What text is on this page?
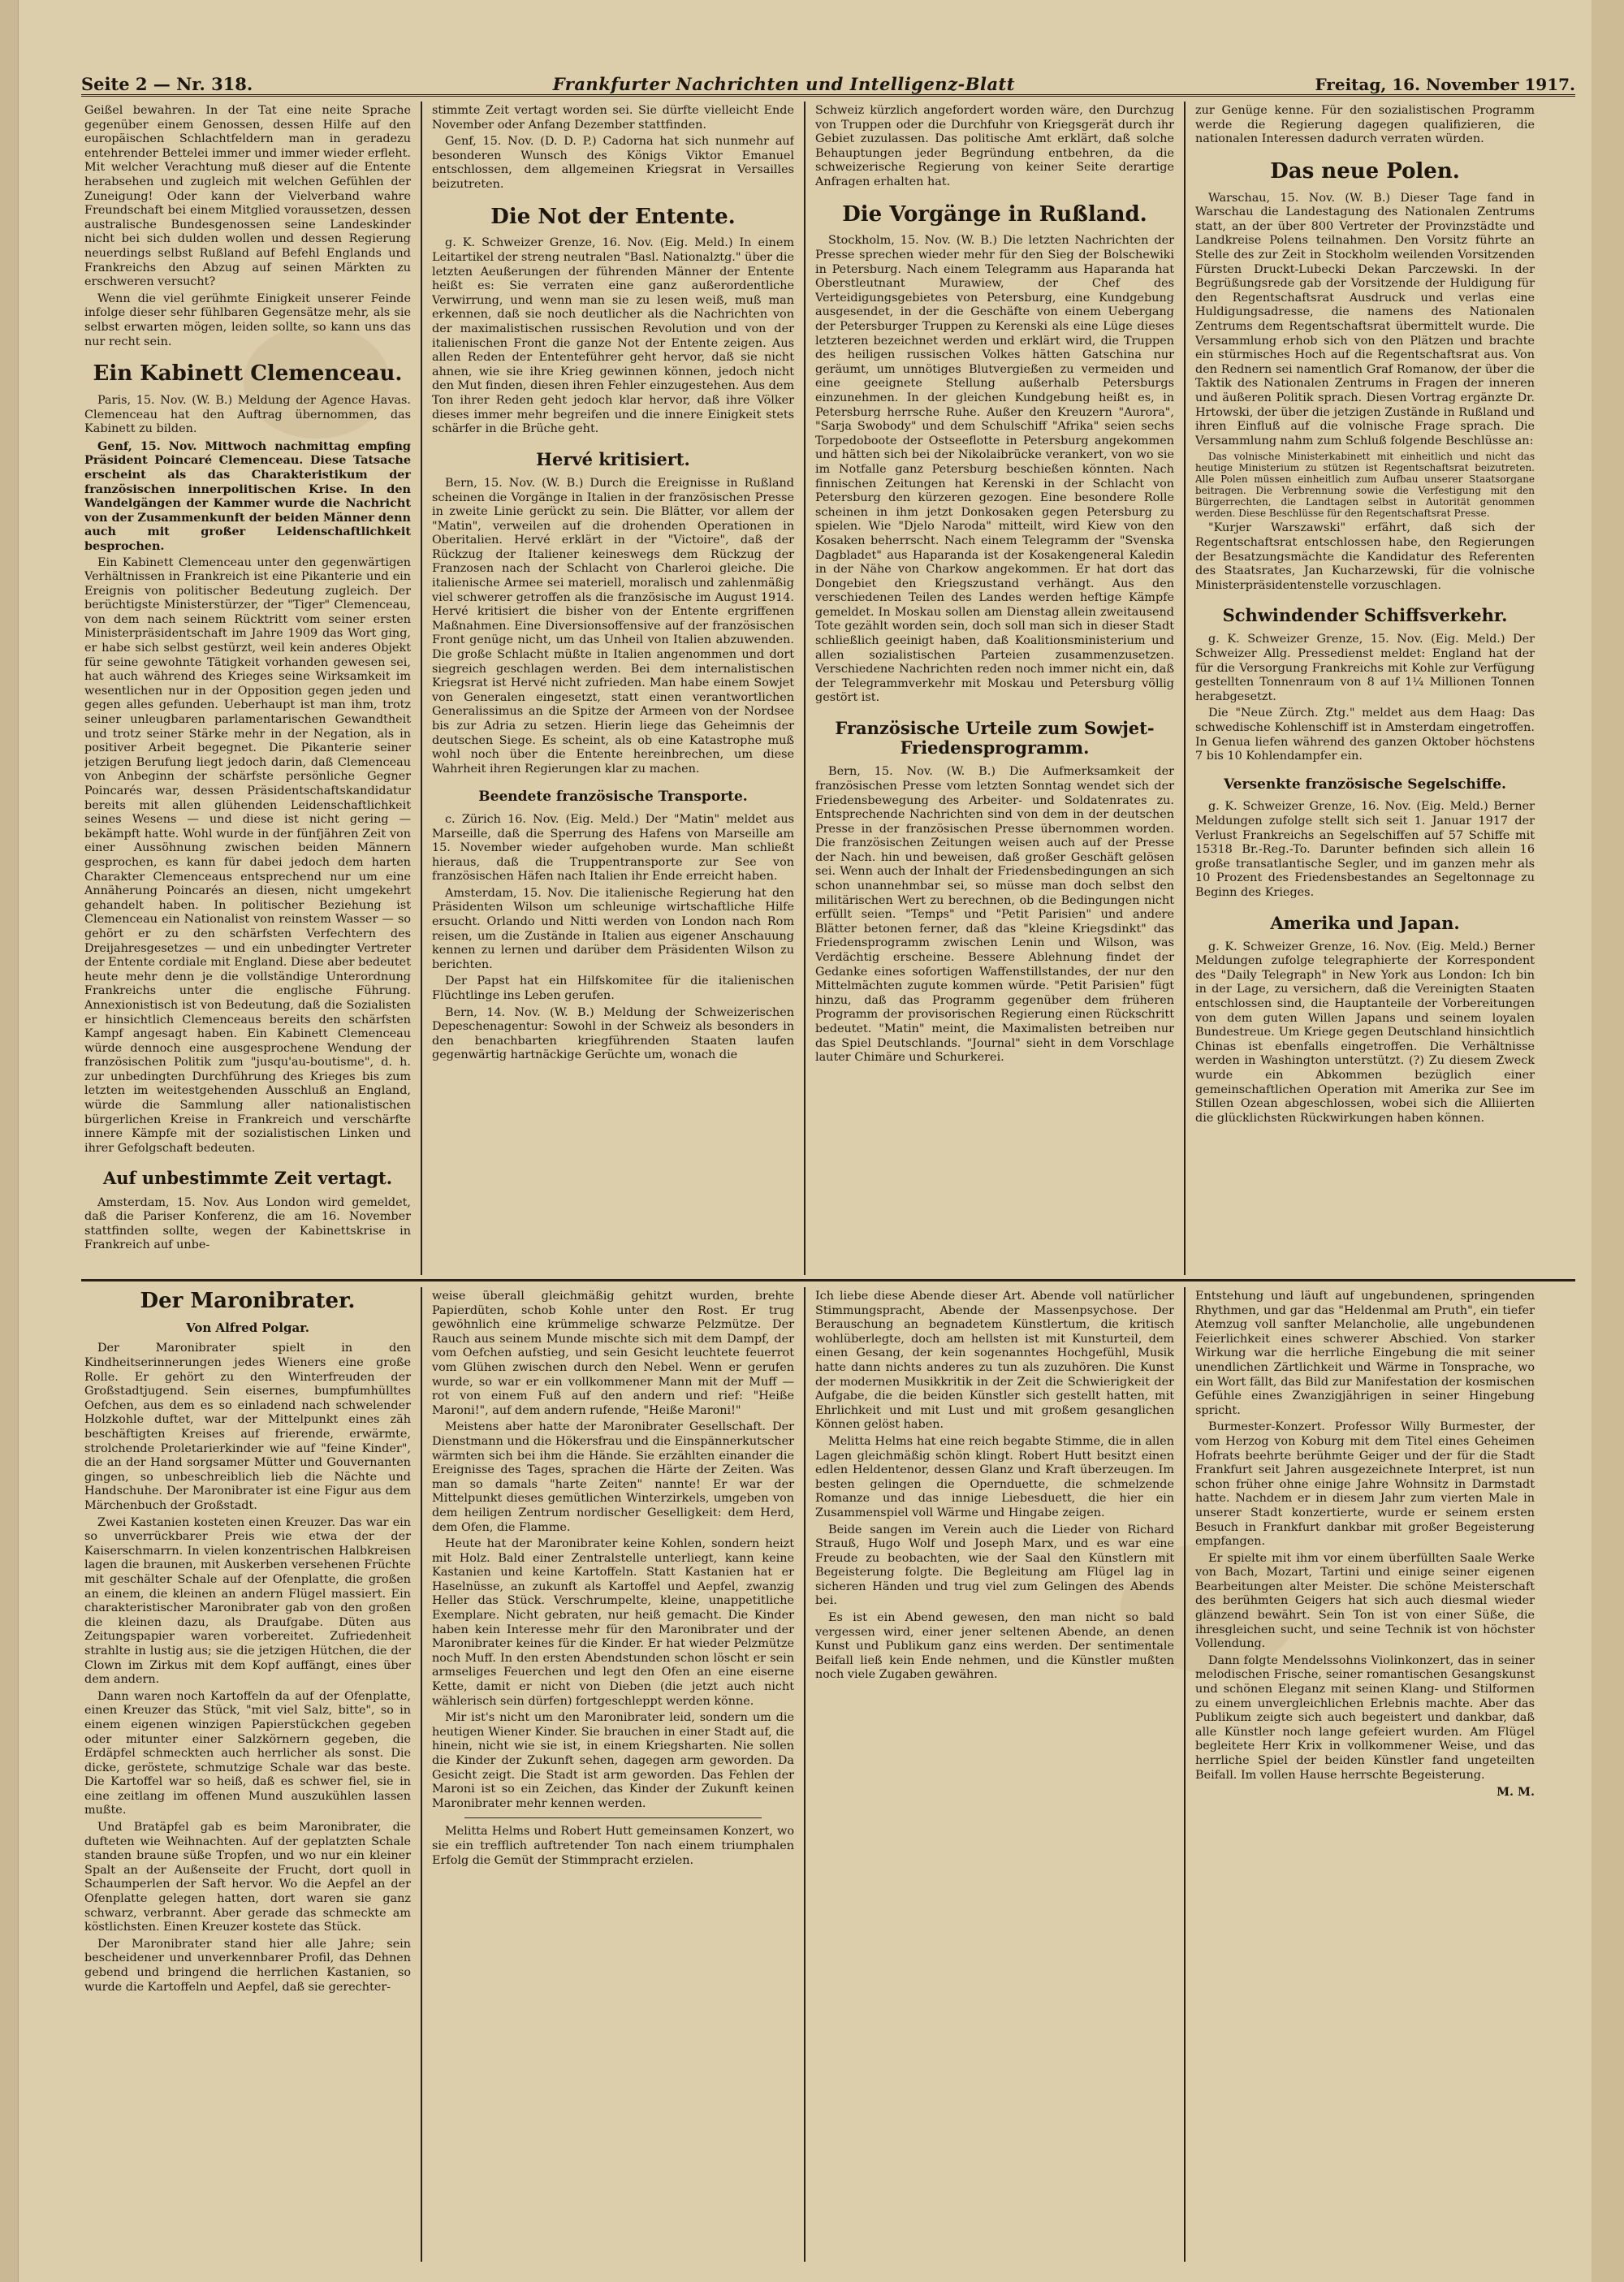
Seite 2 — Nr. 318.	Frankfurter Nachrichten und Intelligenz-Blatt	Freitag, 16. November 1917.

Geißel bewahren. In der Tat eine neite Sprache gegenüber einem Genossen, dessen Hilfe auf den europäischen Schlachtfeldern man in geradezu entehrender Bettelei immer und immer wieder erfleht. Mit welcher Verachtung muß dieser auf die Entente herabsehen und zugleich mit welchen Gefühlen der Zuneigung! Oder kann der Vielverband wahre Freundschaft bei einem Mitglied voraussetzen, dessen australische Bundesgenossen seine Landeskinder nicht bei sich dulden wollen und dessen Regierung neuerdings selbst Rußland auf Befehl Englands und Frankreichs den Abzug auf seinen Märkten zu erschweren versucht?

Wenn die viel gerühmte Einigkeit unserer Feinde infolge dieser sehr fühlbaren Gegensätze mehr, als sie selbst erwarten mögen, leiden sollte, so kann uns das nur recht sein.

Ein Kabinett Clemenceau.

Paris, 15. Nov. (W. B.) Meldung der Agence Havas. Clemenceau hat den Auftrag übernommen, das Kabinett zu bilden.

Genf, 15. Nov. Mittwoch nachmittag empfing Präsident Poincaré Clemenceau. Diese Tatsache erscheint als das Charakteristikum der französischen innerpolitischen Krise. In den Wandelgängen der Kammer wurde die Nachricht von der Zusammenkunft der beiden Männer denn auch mit großer Leidenschaftlichkeit besprochen.

Ein Kabinett Clemenceau unter den gegenwärtigen Verhältnissen in Frankreich ist eine Pikanterie und ein Ereignis von politischer Bedeutung zugleich. Der berüchtigste Ministerstürzer, der "Tiger" Clemenceau, von dem nach seinem Rücktritt vom seiner ersten Ministerpräsidentschaft im Jahre 1909 das Wort ging, er habe sich selbst gestürzt, weil kein anderes Objekt für seine gewohnte Tätigkeit vorhanden gewesen sei, hat auch während des Krieges seine Wirksamkeit im wesentlichen nur in der Opposition gegen jeden und gegen alles gefunden. Ueberhaupt ist man ihm, trotz seiner unleugbaren parlamentarischen Gewandtheit und trotz seiner Stärke mehr in der Negation, als in positiver Arbeit begegnet. Die Pikanterie seiner jetzigen Berufung liegt jedoch darin, daß Clemenceau von Anbeginn der schärfste persönliche Gegner Poincarés war, dessen Präsidentschaftskandidatur bereits mit allen glühenden Leidenschaftlichkeit seines Wesens — und diese ist nicht gering — bekämpft hatte. Wohl wurde in der fünfjähren Zeit von einer Aussöhnung zwischen beiden Männern gesprochen, es kann für dabei jedoch dem harten Charakter Clemenceaus entsprechend nur um eine Annäherung Poincarés an diesen, nicht umgekehrt gehandelt haben. In politischer Beziehung ist Clemenceau ein Nationalist von reinstem Wasser — so gehört er zu den schärfsten Verfechtern des Dreijahresgesetzes — und ein unbedingter Vertreter der Entente cordiale mit England. Diese aber bedeutet heute mehr denn je die vollständige Unterordnung Frankreichs unter die englische Führung. Annexionistisch ist von Bedeutung, daß die Sozialisten er hinsichtlich Clemenceaus bereits den schärfsten Kampf angesagt haben. Ein Kabinett Clemenceau würde dennoch eine ausgesprochene Wendung der französischen Politik zum "jusqu'au-boutisme", d. h. zur unbedingten Durchführung des Krieges bis zum letzten im weitestgehenden Ausschluß an England, würde die Sammlung aller nationalistischen bürgerlichen Kreise in Frankreich und verschärfte innere Kämpfe mit der sozialistischen Linken und ihrer Gefolgschaft bedeuten.

Auf unbestimmte Zeit vertagt.

Amsterdam, 15. Nov. Aus London wird gemeldet, daß die Pariser Konferenz, die am 16. November stattfinden sollte, wegen der Kabinettskrise in Frankreich auf unbe-

stimmte Zeit vertagt worden sei. Sie dürfte vielleicht Ende November oder Anfang Dezember stattfinden.

Genf, 15. Nov. (D. D. P.) Cadorna hat sich nunmehr auf besonderen Wunsch des Königs Viktor Emanuel entschlossen, dem allgemeinen Kriegsrat in Versailles beizutreten.

Die Not der Entente.

g. K. Schweizer Grenze, 16. Nov. (Eig. Meld.) In einem Leitartikel der streng neutralen "Basl. Nationalztg." über die letzten Aeußerungen der führenden Männer der Entente heißt es: Sie verraten eine ganz außerordentliche Verwirrung, und wenn man sie zu lesen weiß, muß man erkennen, daß sie noch deutlicher als die Nachrichten von der maximalistischen russischen Revolution und von der italienischen Front die ganze Not der Entente zeigen. Aus allen Reden der Ententeführer geht hervor, daß sie nicht ahnen, wie sie ihre Krieg gewinnen können, jedoch nicht den Mut finden, diesen ihren Fehler einzugestehen. Aus dem Ton ihrer Reden geht jedoch klar hervor, daß ihre Völker dieses immer mehr begreifen und die innere Einigkeit stets schärfer in die Brüche geht.

Hervé kritisiert.

Bern, 15. Nov. (W. B.) Durch die Ereignisse in Rußland scheinen die Vorgänge in Italien in der französischen Presse in zweite Linie gerückt zu sein. Die Blätter, vor allem der "Matin", verweilen auf die drohenden Operationen in Oberitalien. Hervé erklärt in der "Victoire", daß der Rückzug der Italiener keineswegs dem Rückzug der Franzosen nach der Schlacht von Charleroi gleiche. Die italienische Armee sei materiell, moralisch und zahlenmäßig viel schwerer getroffen als die französische im August 1914. Hervé kritisiert die bisher von der Entente ergriffenen Maßnahmen. Eine Diversionsoffensive auf der französischen Front genüge nicht, um das Unheil von Italien abzuwenden. Die große Schlacht müßte in Italien angenommen und dort siegreich geschlagen werden. Bei dem internalistischen Kriegsrat ist Hervé nicht zufrieden. Man habe einem Sowjet von Generalen eingesetzt, statt einen verantwortlichen Generalissimus an die Spitze der Armeen von der Nordsee bis zur Adria zu setzen. Hierin liege das Geheimnis der deutschen Siege. Es scheint, als ob eine Katastrophe muß wohl noch über die Entente hereinbrechen, um diese Wahrheit ihren Regierungen klar zu machen.

Beendete französische Transporte.

c. Zürich 16. Nov. (Eig. Meld.) Der "Matin" meldet aus Marseille, daß die Sperrung des Hafens von Marseille am 15. November wieder aufgehoben wurde. Man schließt hieraus, daß die Truppentransporte zur See von französischen Häfen nach Italien ihr Ende erreicht haben.

Amsterdam, 15. Nov. Die italienische Regierung hat den Präsidenten Wilson um schleunige wirtschaftliche Hilfe ersucht. Orlando und Nitti werden von London nach Rom reisen, um die Zustände in Italien aus eigener Anschauung kennen zu lernen und darüber dem Präsidenten Wilson zu berichten.

Der Papst hat ein Hilfskomitee für die italienischen Flüchtlinge ins Leben gerufen.

Bern, 14. Nov. (W. B.) Meldung der Schweizerischen Depeschenagentur: Sowohl in der Schweiz als besonders in den benachbarten kriegführenden Staaten laufen gegenwärtig hartnäckige Gerüchte um, wonach die

Schweiz kürzlich angefordert worden wäre, den Durchzug von Truppen oder die Durchfuhr von Kriegsgerät durch ihr Gebiet zuzulassen. Das politische Amt erklärt, daß solche Behauptungen jeder Begründung entbehren, da die schweizerische Regierung von keiner Seite derartige Anfragen erhalten hat.

Die Vorgänge in Rußland.

Stockholm, 15. Nov. (W. B.) Die letzten Nachrichten der Presse sprechen wieder mehr für den Sieg der Bolschewiki in Petersburg. Nach einem Telegramm aus Haparanda hat Oberstleutnant Murawiew, der Chef des Verteidigungsgebietes von Petersburg, eine Kundgebung ausgesendet, in der die Geschäfte von einem Uebergang der Petersburger Truppen zu Kerenski als eine Lüge dieses letzteren bezeichnet werden und erklärt wird, die Truppen des heiligen russischen Volkes hätten Gatschina nur geräumt, um unnötiges Blutvergießen zu vermeiden und eine geeignete Stellung außerhalb Petersburgs einzunehmen. In der gleichen Kundgebung heißt es, in Petersburg herrsche Ruhe. Außer den Kreuzern "Aurora", "Sarja Swobody" und dem Schulschiff "Afrika" seien sechs Torpedoboote der Ostseeflotte in Petersburg angekommen und hätten sich bei der Nikolaibrücke verankert, von wo sie im Notfalle ganz Petersburg beschießen könnten. Nach finnischen Zeitungen hat Kerenski in der Schlacht von Petersburg den kürzeren gezogen. Eine besondere Rolle scheinen in ihm jetzt Donkosaken gegen Petersburg zu spielen. Wie "Djelo Naroda" mitteilt, wird Kiew von den Kosaken beherrscht. Nach einem Telegramm der "Svenska Dagbladet" aus Haparanda ist der Kosakengeneral Kaledin in der Nähe von Charkow angekommen. Er hat dort das Dongebiet den Kriegszustand verhängt. Aus den verschiedenen Teilen des Landes werden heftige Kämpfe gemeldet. In Moskau sollen am Dienstag allein zweitausend Tote gezählt worden sein, doch soll man sich in dieser Stadt schließlich geeinigt haben, daß Koalitionsministerium und allen sozialistischen Parteien zusammenzusetzen. Verschiedene Nachrichten reden noch immer nicht ein, daß der Telegrammverkehr mit Moskau und Petersburg völlig gestört ist.

Französische Urteile zum Sowjet-Friedensprogramm.

Bern, 15. Nov. (W. B.) Die Aufmerksamkeit der französischen Presse vom letzten Sonntag wendet sich der Friedensbewegung des Arbeiter- und Soldatenrates zu. Entsprechende Nachrichten sind von dem in der deutschen Presse in der französischen Presse übernommen worden. Die französischen Zeitungen weisen auch auf der Presse der Nach. hin und beweisen, daß großer Geschäft gelösen sei. Wenn auch der Inhalt der Friedensbedingungen an sich schon unannehmbar sei, so müsse man doch selbst den militärischen Wert zu berechnen, ob die Bedingungen nicht erfüllt seien. "Temps" und "Petit Parisien" und andere Blätter betonen ferner, daß das "kleine Kriegsdinkt" das Friedensprogramm zwischen Lenin und Wilson, was Verdächtig erscheine. Bessere Ablehnung findet der Gedanke eines sofortigen Waffenstillstandes, der nur den Mittelmächten zugute kommen würde. "Petit Parisien" fügt hinzu, daß das Programm gegenüber dem früheren Programm der provisorischen Regierung einen Rückschritt bedeutet. "Matin" meint, die Maximalisten betreiben nur das Spiel Deutschlands. "Journal" sieht in dem Vorschlage lauter Chimäre und Schurkerei.

zur Genüge kenne. Für den sozialistischen Programm werde die Regierung dagegen qualifizieren, die nationalen Interessen dadurch verraten würden.

Das neue Polen.

Warschau, 15. Nov. (W. B.) Dieser Tage fand in Warschau die Landestagung des Nationalen Zentrums statt, an der über 800 Vertreter der Provinzstädte und Landkreise Polens teilnahmen. Den Vorsitz führte an Stelle des zur Zeit in Stockholm weilenden Vorsitzenden Fürsten Druckt-Lubecki Dekan Parczewski. In der Begrüßungsrede gab der Vorsitzende der Huldigung für den Regentschaftsrat Ausdruck und verlas eine Huldigungsadresse, die namens des Nationalen Zentrums dem Regentschaftsrat übermittelt wurde. Die Versammlung erhob sich von den Plätzen und brachte ein stürmisches Hoch auf die Regentschaftsrat aus. Von den Rednern sei namentlich Graf Romanow, der über die Taktik des Nationalen Zentrums in Fragen der inneren und äußeren Politik sprach. Diesen Vortrag ergänzte Dr. Hrtowski, der über die jetzigen Zustände in Rußland und ihren Einfluß auf die volnische Frage sprach. Die Versammlung nahm zum Schluß folgende Beschlüsse an:

Das volnische Ministerkabinett mit einheitlich und nicht das heutige Ministerium zu stützen ist Regentschaftsrat beizutreten. Alle Polen müssen einheitlich zum Aufbau unserer Staatsorgane beitragen. Die Verbrennung sowie die Verfestigung mit den Bürgerrechten, die Landtagen selbst in Autorität genommen werden. Diese Beschlüsse für den Regentschaftsrat Presse.

"Kurjer Warszawski" erfährt, daß sich der Regentschaftsrat entschlossen habe, den Regierungen der Besatzungsmächte die Kandidatur des Referenten des Staatsrates, Jan Kucharzewski, für die volnische Ministerpräsidentenstelle vorzuschlagen.

Schwindender Schiffsverkehr.

g. K. Schweizer Grenze, 15. Nov. (Eig. Meld.) Der Schweizer Allg. Pressedienst meldet: England hat der für die Versorgung Frankreichs mit Kohle zur Verfügung gestellten Tonnenraum von 8 auf 1¼ Millionen Tonnen herabgesetzt.

Die "Neue Zürch. Ztg." meldet aus dem Haag: Das schwedische Kohlenschiff ist in Amsterdam eingetroffen. In Genua liefen während des ganzen Oktober höchstens 7 bis 10 Kohlendampfer ein.

Versenkte französische Segelschiffe.

g. K. Schweizer Grenze, 16. Nov. (Eig. Meld.) Berner Meldungen zufolge stellt sich seit 1. Januar 1917 der Verlust Frankreichs an Segelschiffen auf 57 Schiffe mit 15318 Br.-Reg.-To. Darunter befinden sich allein 16 große transatlantische Segler, und im ganzen mehr als 10 Prozent des Friedensbestandes an Segeltonnage zu Beginn des Krieges.

Amerika und Japan.

g. K. Schweizer Grenze, 16. Nov. (Eig. Meld.) Berner Meldungen zufolge telegraphierte der Korrespondent des "Daily Telegraph" in New York aus London: Ich bin in der Lage, zu versichern, daß die Vereinigten Staaten entschlossen sind, die Hauptanteile der Vorbereitungen von dem guten Willen Japans und seinem loyalen Bundestreue. Um Kriege gegen Deutschland hinsichtlich Chinas ist ebenfalls eingetroffen. Die Verhältnisse werden in Washington unterstützt. (?) Zu diesem Zweck wurde ein Abkommen bezüglich einer gemeinschaftlichen Operation mit Amerika zur See im Stillen Ozean abgeschlossen, wobei sich die Alliierten die glücklichsten Rückwirkungen haben können.

Der Maronibrater.
Von Alfred Polgar.

Der Maronibrater spielt in den Kindheitserinnerungen jedes Wieners eine große Rolle. Er gehört zu den Winterfreuden der Großstadtjugend. Sein eisernes, bumpfumhülltes Oefchen, aus dem es so einladend nach schwelender Holzkohle duftet, war der Mittelpunkt eines zäh beschäftigten Kreises auf frierende, erwärmte, strolchende Proletarierkinder wie auf "feine Kinder", die an der Hand sorgsamer Mütter und Gouvernanten gingen, so unbeschreiblich lieb die Nächte und Handschuhe. Der Maronibrater ist eine Figur aus dem Märchenbuch der Großstadt.

Zwei Kastanien kosteten einen Kreuzer. Das war ein so unverrückbarer Preis wie etwa der der Kaiserschmarrn. In vielen konzentrischen Halbkreisen lagen die braunen, mit Auskerben versehenen Früchte mit geschälter Schale auf der Ofenplatte, die großen an einem, die kleinen an andern Flügel massiert. Ein charakteristischer Maronibrater gab von den großen die kleinen dazu, als Draufgabe. Düten aus Zeitungspapier waren vorbereitet. Zufriedenheit strahlte in lustig aus; sie die jetzigen Hütchen, die der Clown im Zirkus mit dem Kopf auffängt, eines über dem andern.

Dann waren noch Kartoffeln da auf der Ofenplatte, einen Kreuzer das Stück, "mit viel Salz, bitte", so in einem eigenen winzigen Papierstückchen gegeben oder mitunter einer Salzkörnern gegeben, die Erdäpfel schmeckten auch herrlicher als sonst. Die dicke, geröstete, schmutzige Schale war das beste. Die Kartoffel war so heiß, daß es schwer fiel, sie in eine zeitlang im offenen Mund auszukühlen lassen mußte.

Und Bratäpfel gab es beim Maronibrater, die dufteten wie Weihnachten. Auf der geplatzten Schale standen braune süße Tropfen, und wo nur ein kleiner Spalt an der Außenseite der Frucht, dort quoll in Schaumperlen der Saft hervor. Wo die Aepfel an der Ofenplatte gelegen hatten, dort waren sie ganz schwarz, verbrannt. Aber gerade das schmeckte am köstlichsten. Einen Kreuzer kostete das Stück.

Der Maronibrater stand hier alle Jahre; sein bescheidener und unverkennbarer Profil, das Dehnen gebend und bringend die herrlichen Kastanien, so wurde die Kartoffeln und Aepfel, daß sie gerechter-

weise überall gleichmäßig gehitzt wurden, brehte Papierdüten, schob Kohle unter den Rost. Er trug gewöhnlich eine krümmelige schwarze Pelzmütze. Der Rauch aus seinem Munde mischte sich mit dem Dampf, der vom Oefchen aufstieg, und sein Gesicht leuchtete feuerrot vom Glühen zwischen durch den Nebel. Wenn er gerufen wurde, so war er ein vollkommener Mann mit der Muff — rot von einem Fuß auf den andern und rief: "Heiße Maroni!", auf dem andern rufende, "Heiße Maroni!"

Meistens aber hatte der Maronibrater Gesellschaft. Der Dienstmann und die Hökersfrau und die Einspännerkutscher wärmten sich bei ihm die Hände. Sie erzählten einander die Ereignisse des Tages, sprachen die Härte der Zeiten. Was man so damals "harte Zeiten" nannte! Er war der Mittelpunkt dieses gemütlichen Winterzirkels, umgeben von dem heiligen Zentrum nordischer Geselligkeit: dem Herd, dem Ofen, die Flamme.

Heute hat der Maronibrater keine Kohlen, sondern heizt mit Holz. Bald einer Zentralstelle unterliegt, kann keine Kastanien und keine Kartoffeln. Statt Kastanien hat er Haselnüsse, an zukunft als Kartoffel und Aepfel, zwanzig Heller das Stück. Verschrumpelte, kleine, unappetitliche Exemplare. Nicht gebraten, nur heiß gemacht. Die Kinder haben kein Interesse mehr für den Maronibrater und der Maronibrater keines für die Kinder. Er hat wieder Pelzmütze noch Muff. In den ersten Abendstunden schon löscht er sein armseliges Feuerchen und legt den Ofen an eine eiserne Kette, damit er nicht von Dieben (die jetzt auch nicht wählerisch sein dürfen) fortgeschleppt werden könne.

Mir ist's nicht um den Maronibrater leid, sondern um die heutigen Wiener Kinder. Sie brauchen in einer Stadt auf, die hinein, nicht wie sie ist, in einem Kriegsharten. Nie sollen die Kinder der Zukunft sehen, dagegen arm geworden. Da Gesicht zeigt. Die Stadt ist arm geworden. Das Fehlen der Maroni ist so ein Zeichen, das Kinder der Zukunft keinen Maronibrater mehr kennen werden.

Melitta Helms und Robert Hutt gemeinsamen Konzert, wo sie ein trefflich auftretender Ton nach einem triumphalen Erfolg die Gemüt der Stimmpracht erzielen.

Ich liebe diese Abende dieser Art. Abende voll natürlicher Stimmungspracht, Abende der Massenpsychose. Der Berauschung an begnadetem Künstlertum, die kritisch wohlüberlegte, doch am hellsten ist mit Kunsturteil, dem einen Gesang, der kein sogenanntes Hochgefühl, Musik hatte dann nichts anderes zu tun als zuzuhören. Die Kunst der modernen Musikkritik in der Zeit die Schwierigkeit der Aufgabe, die die beiden Künstler sich gestellt hatten, mit Ehrlichkeit und mit Lust und mit großem gesanglichen Können gelöst haben.

Melitta Helms hat eine reich begabte Stimme, die in allen Lagen gleichmäßig schön klingt. Robert Hutt besitzt einen edlen Heldentenor, dessen Glanz und Kraft überzeugen. Im besten gelingen die Opernduette, die schmelzende Romanze und das innige Liebesduett, die hier ein Zusammenspiel voll Wärme und Hingabe zeigen.

Beide sangen im Verein auch die Lieder von Richard Strauß, Hugo Wolf und Joseph Marx, und es war eine Freude zu beobachten, wie der Saal den Künstlern mit Begeisterung folgte. Die Begleitung am Flügel lag in sicheren Händen und trug viel zum Gelingen des Abends bei.

Es ist ein Abend gewesen, den man nicht so bald vergessen wird, einer jener seltenen Abende, an denen Kunst und Publikum ganz eins werden. Der sentimentale Beifall ließ kein Ende nehmen, und die Künstler mußten noch viele Zugaben gewähren.

Entstehung und läuft auf ungebundenen, springenden Rhythmen, und gar das "Heldenmal am Pruth", ein tiefer Atemzug voll sanfter Melancholie, alle ungebundenen Feierlichkeit eines schwerer Abschied. Von starker Wirkung war die herrliche Eingebung die mit seiner unendlichen Zärtlichkeit und Wärme in Tonsprache, wo ein Wort fällt, das Bild zur Manifestation der kosmischen Gefühle eines Zwanzigjährigen in seiner Hingebung spricht.

Burmester-Konzert. Professor Willy Burmester, der vom Herzog von Koburg mit dem Titel eines Geheimen Hofrats beehrte berühmte Geiger und der für die Stadt Frankfurt seit Jahren ausgezeichnete Interpret, ist nun schon früher ohne einige Jahre Wohnsitz in Darmstadt hatte. Nachdem er in diesem Jahr zum vierten Male in unserer Stadt konzertierte, wurde er seinem ersten Besuch in Frankfurt dankbar mit großer Begeisterung empfangen.

Er spielte mit ihm vor einem überfüllten Saale Werke von Bach, Mozart, Tartini und einige seiner eigenen Bearbeitungen alter Meister. Die schöne Meisterschaft des berühmten Geigers hat sich auch diesmal wieder glänzend bewährt. Sein Ton ist von einer Süße, die ihresgleichen sucht, und seine Technik ist von höchster Vollendung.

Dann folgte Mendelssohns Violinkonzert, das in seiner melodischen Frische, seiner romantischen Gesangskunst und schönen Eleganz mit seinen Klang- und Stilformen zu einem unvergleichlichen Erlebnis machte. Aber das Publikum zeigte sich auch begeistert und dankbar, daß alle Künstler noch lange gefeiert wurden. Am Flügel begleitete Herr Krix in vollkommener Weise, und das herrliche Spiel der beiden Künstler fand ungeteilten Beifall. Im vollen Hause herrschte Begeisterung.

M. M.
